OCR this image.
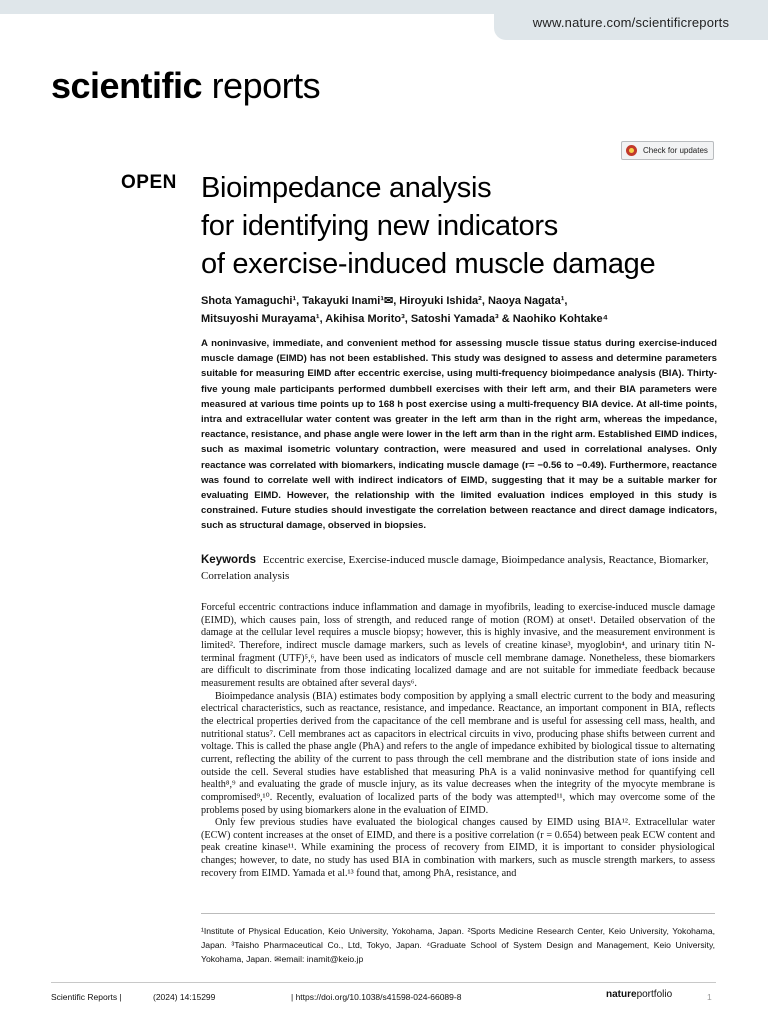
www.nature.com/scientificreports
scientific reports
Check for updates
OPEN Bioimpedance analysis
for identifying new indicators
of exercise-induced muscle damage
Shota Yamaguchi¹, Takayuki Inami¹✉, Hiroyuki Ishida², Naoya Nagata¹,
Mitsuyoshi Murayama¹, Akihisa Morito³, Satoshi Yamada³ & Naohiko Kohtake⁴
A noninvasive, immediate, and convenient method for assessing muscle tissue status during exercise-induced muscle damage (EIMD) has not been established. This study was designed to assess and determine parameters suitable for measuring EIMD after eccentric exercise, using multi-frequency bioimpedance analysis (BIA). Thirty-five young male participants performed dumbbell exercises with their left arm, and their BIA parameters were measured at various time points up to 168 h post exercise using a multi-frequency BIA device. At all-time points, intra and extracellular water content was greater in the left arm than in the right arm, whereas the impedance, reactance, resistance, and phase angle were lower in the left arm than in the right arm. Established EIMD indices, such as maximal isometric voluntary contraction, were measured and used in correlational analyses. Only reactance was correlated with biomarkers, indicating muscle damage (r= −0.56 to −0.49). Furthermore, reactance was found to correlate well with indirect indicators of EIMD, suggesting that it may be a suitable marker for evaluating EIMD. However, the relationship with the limited evaluation indices employed in this study is constrained. Future studies should investigate the correlation between reactance and direct damage indicators, such as structural damage, observed in biopsies.
Keywords Eccentric exercise, Exercise-induced muscle damage, Bioimpedance analysis, Reactance, Biomarker, Correlation analysis

Forceful eccentric contractions induce inflammation and damage in myofibrils, leading to exercise-induced muscle damage (EIMD), which causes pain, loss of strength, and reduced range of motion (ROM) at onset¹. Detailed observation of the damage at the cellular level requires a muscle biopsy; however, this is highly invasive, and the measurement environment is limited². Therefore, indirect muscle damage markers, such as levels of creatine kinase³, myoglobin⁴, and urinary titin N-terminal fragment (UTF)⁵,⁶, have been used as indicators of muscle cell membrane damage. Nonetheless, these biomarkers are difficult to discriminate from those indicating localized damage and are not suitable for immediate feedback because measurement results are obtained after several days⁶.

Bioimpedance analysis (BIA) estimates body composition by applying a small electric current to the body and measuring electrical characteristics, such as reactance, resistance, and impedance. Reactance, an important component in BIA, reflects the electrical properties derived from the capacitance of the cell membrane and is useful for assessing cell mass, health, and nutritional status⁷. Cell membranes act as capacitors in electrical circuits in vivo, producing phase shifts between current and voltage. This is called the phase angle (PhA) and refers to the angle of impedance exhibited by biological tissue to alternating current, reflecting the ability of the current to pass through the cell membrane and the distribution state of ions inside and outside the cell. Several studies have established that measuring PhA is a valid noninvasive method for quantifying cell health⁸,⁹ and evaluating the grade of muscle injury, as its value decreases when the integrity of the myocyte membrane is compromised⁹,¹⁰. Recently, evaluation of localized parts of the body was attempted¹¹, which may overcome some of the problems posed by using biomarkers alone in the evaluation of EIMD.

Only few previous studies have evaluated the biological changes caused by EIMD using BIA¹². Extracellular water (ECW) content increases at the onset of EIMD, and there is a positive correlation (r = 0.654) between peak ECW content and peak creatine kinase¹¹. While examining the process of recovery from EIMD, it is important to consider physiological changes; however, to date, no study has used BIA in combination with markers, such as muscle strength markers, to assess recovery from EIMD. Yamada et al.¹³ found that, among PhA, resistance, and

¹Institute of Physical Education, Keio University, Yokohama, Japan. ²Sports Medicine Research Center, Keio University, Yokohama, Japan. ³Taisho Pharmaceutical Co., Ltd, Tokyo, Japan. ⁴Graduate School of System Design and Management, Keio University, Yokohama, Japan. ✉email: inamit@keio.jp
Scientific Reports |	(2024) 14:15299	| https://doi.org/10.1038/s41598-024-66089-8	natureportfolio	1
